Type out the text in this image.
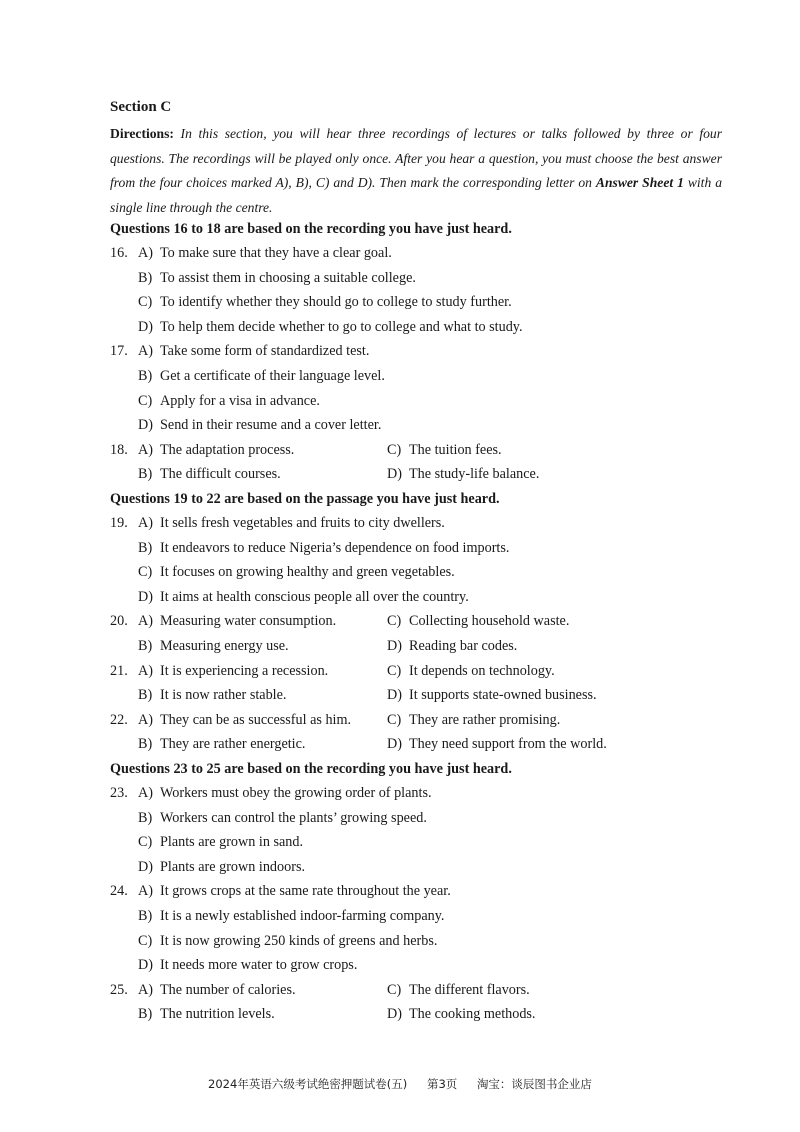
Section C
Directions: In this section, you will hear three recordings of lectures or talks followed by three or four questions. The recordings will be played only once. After you hear a question, you must choose the best answer from the four choices marked A), B), C) and D). Then mark the corresponding letter on Answer Sheet 1 with a single line through the centre.
Questions 16 to 18 are based on the recording you have just heard.
Questions 19 to 22 are based on the passage you have just heard.
Questions 23 to 25 are based on the recording you have just heard.
16. A) To make sure that they have a clear goal.
B) To assist them in choosing a suitable college.
C) To identify whether they should go to college to study further.
D) To help them decide whether to go to college and what to study.
17. A) Take some form of standardized test.
B) Get a certificate of their language level.
C) Apply for a visa in advance.
D) Send in their resume and a cover letter.
18. A) The adaptation process.	C) The tuition fees.
B) The difficult courses.	D) The study-life balance.
19. A) It sells fresh vegetables and fruits to city dwellers.
B) It endeavors to reduce Nigeria’s dependence on food imports.
C) It focuses on growing healthy and green vegetables.
D) It aims at health conscious people all over the country.
20. A) Measuring water consumption.	C) Collecting household waste.
B) Measuring energy use.	D) Reading bar codes.
21. A) It is experiencing a recession.	C) It depends on technology.
B) It is now rather stable.	D) It supports state-owned business.
22. A) They can be as successful as him.	C) They are rather promising.
B) They are rather energetic.	D) They need support from the world.
23. A) Workers must obey the growing order of plants.
B) Workers can control the plants’ growing speed.
C) Plants are grown in sand.
D) Plants are grown indoors.
24. A) It grows crops at the same rate throughout the year.
B) It is a newly established indoor-farming company.
C) It is now growing 250 kinds of greens and herbs.
D) It needs more water to grow crops.
25. A) The number of calories.	C) The different flavors.
B) The nutrition levels.	D) The cooking methods.
2024年英语六级考试绝密押题试卷(五) 第3页 淘宝：谈辰图书企业店
